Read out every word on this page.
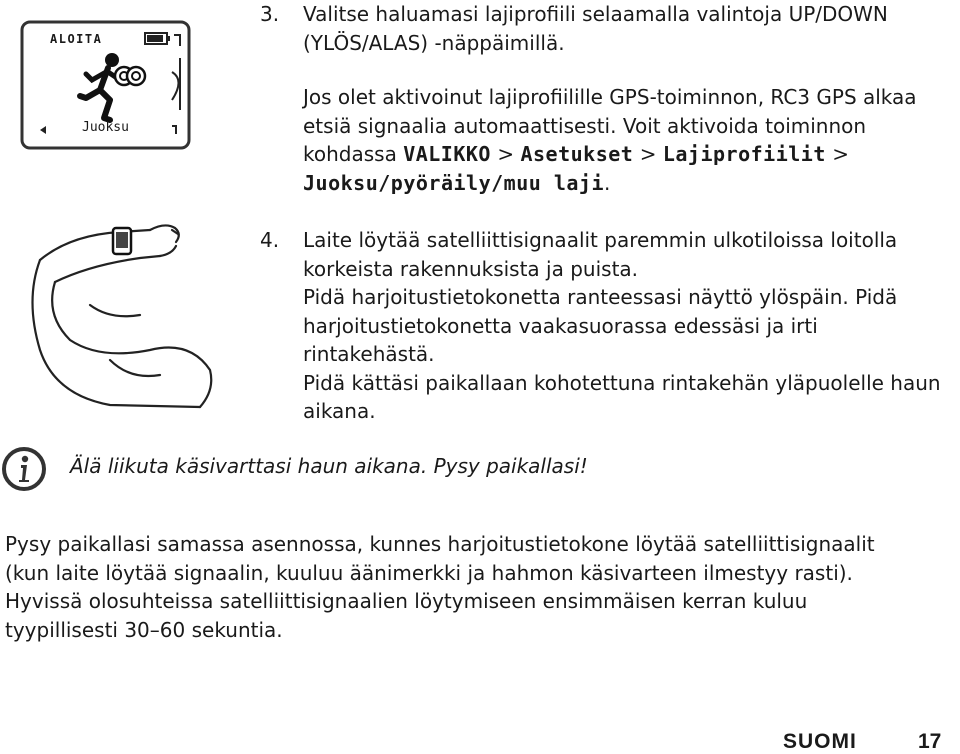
ALOITA
Juoksu
3. Valitse haluamasi lajiprofiili selaamalla valintoja UP/DOWN
(YLÖS/ALAS) -näppäimillä.
Jos olet aktivoinut lajiprofiilille GPS-toiminnon, RC3 GPS alkaa
etsiä signaalia automaattisesti. Voit aktivoida toiminnon
kohdassa VALIKKO > Asetukset > Lajiprofiilit >
Juoksu/pyöräily/muu laji.
4. Laite löytää satelliittisignaalit paremmin ulkotiloissa loitolla
korkeista rakennuksista ja puista.
Pidä harjoitustietokonetta ranteessasi näyttö ylöspäin. Pidä
harjoitustietokonetta vaakasuorassa edessäsi ja irti rintakehästä.
Pidä kättäsi paikallaan kohotettuna rintakehän yläpuolelle haun
aikana.
Älä liikuta käsivarttasi haun aikana. Pysy paikallasi!
Pysy paikallasi samassa asennossa, kunnes harjoitustietokone löytää satelliittisignaalit
(kun laite löytää signaalin, kuuluu äänimerkki ja hahmon käsivarteen ilmestyy rasti).
Hyvissä olosuhteissa satelliittisignaalien löytymiseen ensimmäisen kerran kuluu
tyypillisesti 30–60 sekuntia.
SUOMI	17
